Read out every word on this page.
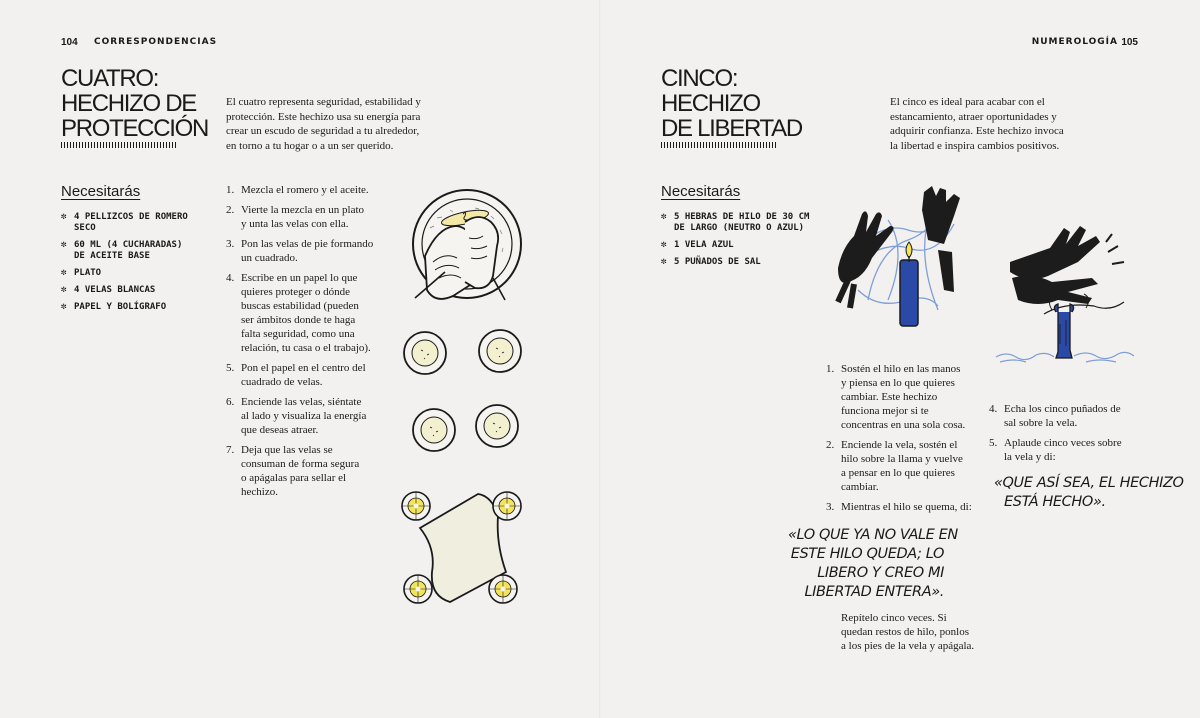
104 CORRESPONDENCIAS
CUATRO:
HECHIZO DE
PROTECCIÓN
El cuatro representa seguridad, estabilidad y
protección. Este hechizo usa su energía para
crear un escudo de seguridad a tu alrededor,
en torno a tu hogar o a un ser querido.
Necesitarás
✼ 4 PELLIZCOS DE ROMERO
SECO
✼ 60 ML (4 CUCHARADAS)
DE ACEITE BASE
✼ PLATO
✼ 4 VELAS BLANCAS
✼ PAPEL Y BOLÍGRAFO
1. Mezcla el romero y el aceite.
2. Vierte la mezcla en un plato
y unta las velas con ella.
3. Pon las velas de pie formando
un cuadrado.
4. Escribe en un papel lo que
quieres proteger o dónde
buscas estabilidad (pueden
ser ámbitos donde te haga
falta seguridad, como una
relación, tu casa o el trabajo).
5. Pon el papel en el centro del
cuadrado de velas.
6. Enciende las velas, siéntate
al lado y visualiza la energía
que deseas atraer.
7. Deja que las velas se
consuman de forma segura
o apágalas para sellar el
hechizo.
NUMEROLOGÍA 105
CINCO:
HECHIZO
DE LIBERTAD
El cinco es ideal para acabar con el
estancamiento, atraer oportunidades y
adquirir confianza. Este hechizo invoca
la libertad e inspira cambios positivos.
Necesitarás
✼ 5 HEBRAS DE HILO DE 30 CM
DE LARGO (NEUTRO O AZUL)
✼ 1 VELA AZUL
✼ 5 PUÑADOS DE SAL
1. Sostén el hilo en las manos
y piensa en lo que quieres
cambiar. Este hechizo
funciona mejor si te
concentras en una sola cosa.
2. Enciende la vela, sostén el
hilo sobre la llama y vuelve
a pensar en lo que quieres
cambiar.
3. Mientras el hilo se quema, di:
«LO QUE YA NO VALE EN
ESTE HILO QUEDA; LO
LIBERO Y CREO MI
LIBERTAD ENTERA».
Repítelo cinco veces. Si
quedan restos de hilo, ponlos
a los pies de la vela y apágala.
4. Echa los cinco puñados de
sal sobre la vela.
5. Aplaude cinco veces sobre
la vela y di:
«QUE ASÍ SEA, EL HECHIZO
ESTÁ HECHO».
